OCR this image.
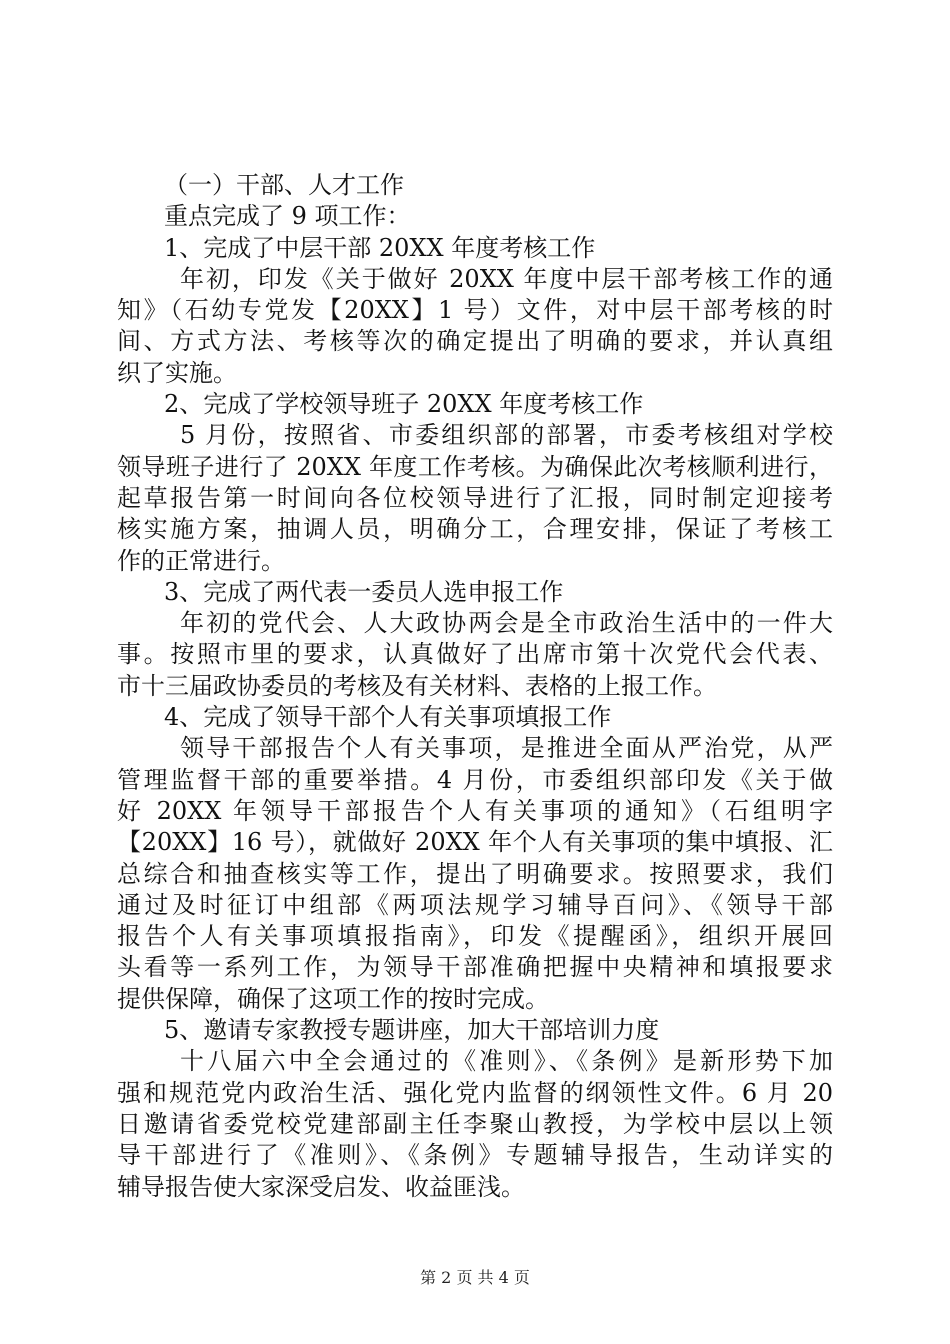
（一）干部、人才工作
重点完成了 9 项工作：
1、完成了中层干部 20XX 年度考核工作
年初，印发《关于做好 20XX 年度中层干部考核工作的通
知》（石幼专党发【20XX】1 号）文件，对中层干部考核的时
间、方式方法、考核等次的确定提出了明确的要求，并认真组
织了实施。
2、完成了学校领导班子 20XX 年度考核工作
5 月份，按照省、市委组织部的部署，市委考核组对学校
领导班子进行了 20XX 年度工作考核。为确保此次考核顺利进行，
起草报告第一时间向各位校领导进行了汇报，同时制定迎接考
核实施方案，抽调人员，明确分工，合理安排，保证了考核工
作的正常进行。
3、完成了两代表一委员人选申报工作
年初的党代会、人大政协两会是全市政治生活中的一件大
事。按照市里的要求，认真做好了出席市第十次党代会代表、
市十三届政协委员的考核及有关材料、表格的上报工作。
4、完成了领导干部个人有关事项填报工作
领导干部报告个人有关事项，是推进全面从严治党，从严
管理监督干部的重要举措。4 月份，市委组织部印发《关于做
好 20XX 年领导干部报告个人有关事项的通知》（石组明字
【20XX】16 号），就做好 20XX 年个人有关事项的集中填报、汇
总综合和抽查核实等工作，提出了明确要求。按照要求，我们
通过及时征订中组部《两项法规学习辅导百问》、《领导干部
报告个人有关事项填报指南》，印发《提醒函》，组织开展回
头看等一系列工作，为领导干部准确把握中央精神和填报要求
提供保障，确保了这项工作的按时完成。
5、邀请专家教授专题讲座，加大干部培训力度
十八届六中全会通过的《准则》、《条例》是新形势下加
强和规范党内政治生活、强化党内监督的纲领性文件。6 月 20
日邀请省委党校党建部副主任李聚山教授，为学校中层以上领
导干部进行了《准则》、《条例》专题辅导报告，生动详实的
辅导报告使大家深受启发、收益匪浅。
第 2 页 共 4 页
